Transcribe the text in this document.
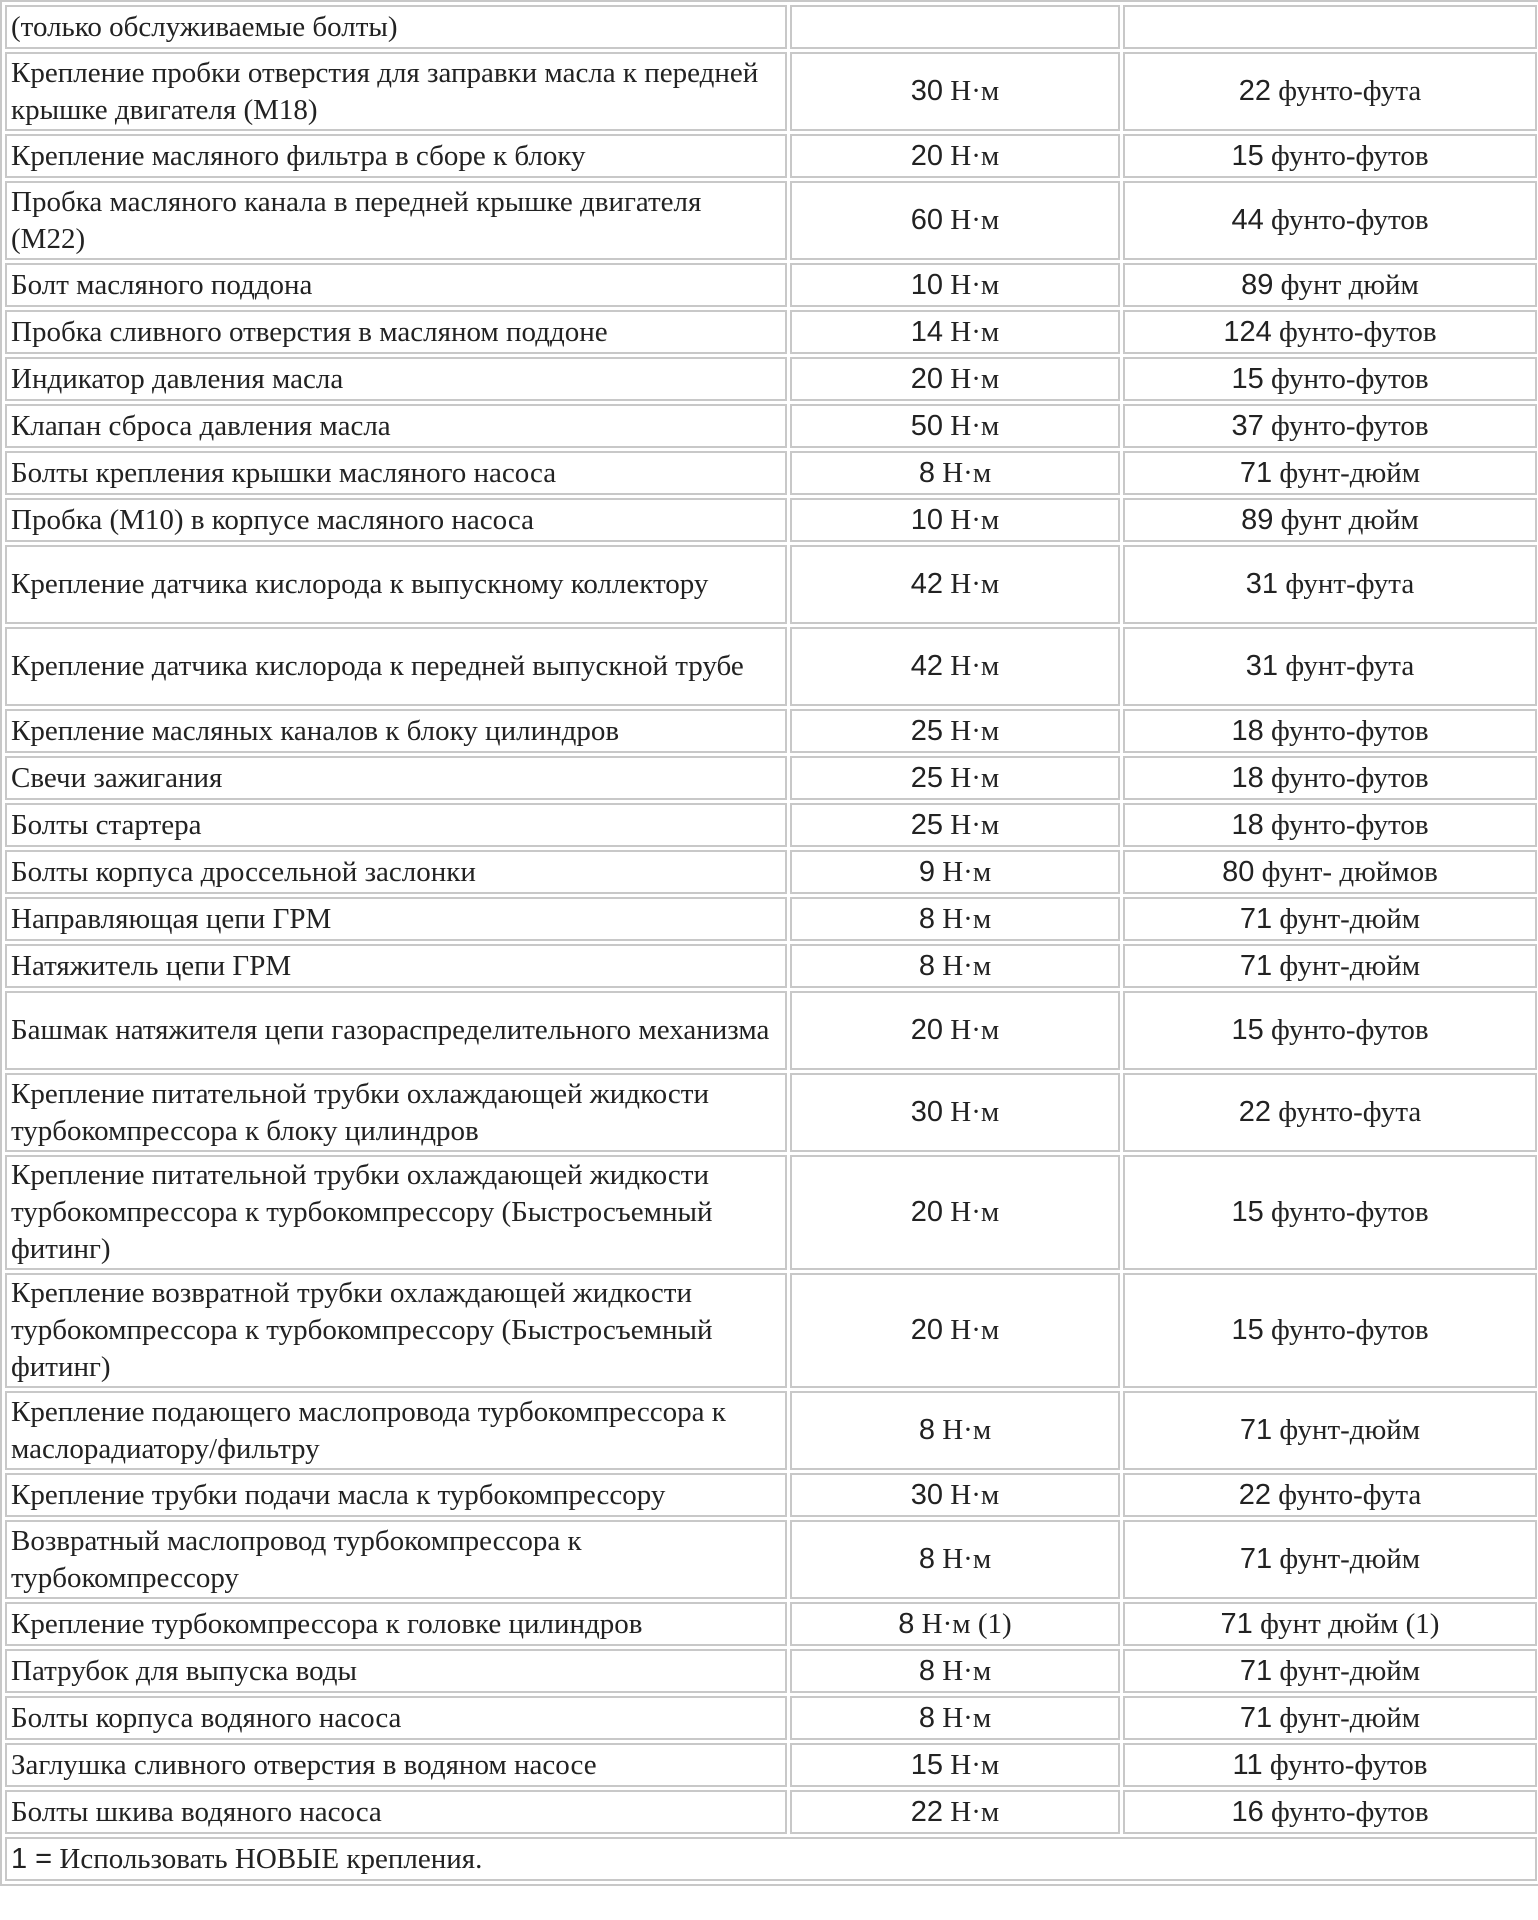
(только обслуживаемые болты)		
Крепление пробки отверстия для заправки масла к передней крышке двигателя (M18)	30 Н·м	22 фунто-фута
Крепление масляного фильтра в сборе к блоку	20 Н·м	15 фунто-футов
Пробка масляного канала в передней крышке двигателя (M22)	60 Н·м	44 фунто-футов
Болт масляного поддона	10 Н·м	89 фунт дюйм
Пробка сливного отверстия в масляном поддоне	14 Н·м	124 фунто-футов
Индикатор давления масла	20 Н·м	15 фунто-футов
Клапан сброса давления масла	50 Н·м	37 фунто-футов
Болты крепления крышки масляного насоса	8 Н·м	71 фунт-дюйм
Пробка (М10) в корпусе масляного насоса	10 Н·м	89 фунт дюйм
Крепление датчика кислорода к выпускному коллектору	42 Н·м	31 фунт-фута
Крепление датчика кислорода к передней выпускной трубе	42 Н·м	31 фунт-фута
Крепление масляных каналов к блоку цилиндров	25 Н·м	18 фунто-футов
Свечи зажигания	25 Н·м	18 фунто-футов
Болты стартера	25 Н·м	18 фунто-футов
Болты корпуса дроссельной заслонки	9 Н·м	80 фунт- дюймов
Направляющая цепи ГРМ	8 Н·м	71 фунт-дюйм
Натяжитель цепи ГРМ	8 Н·м	71 фунт-дюйм
Башмак натяжителя цепи газораспределительного механизма	20 Н·м	15 фунто-футов
Крепление питательной трубки охлаждающей жидкости турбокомпрессора к блоку цилиндров	30 Н·м	22 фунто-фута
Крепление питательной трубки охлаждающей жидкости турбокомпрессора к турбокомпрессору (Быстросъемный фитинг)	20 Н·м	15 фунто-футов
Крепление возвратной трубки охлаждающей жидкости турбокомпрессора к турбокомпрессору (Быстросъемный фитинг)	20 Н·м	15 фунто-футов
Крепление подающего маслопровода турбокомпрессора к маслорадиатору/фильтру	8 Н·м	71 фунт-дюйм
Крепление трубки подачи масла к турбокомпрессору	30 Н·м	22 фунто-фута
Возвратный маслопровод турбокомпрессора к турбокомпрессору	8 Н·м	71 фунт-дюйм
Крепление турбокомпрессора к головке цилиндров	8 Н·м (1)	71 фунт дюйм (1)
Патрубок для выпуска воды	8 Н·м	71 фунт-дюйм
Болты корпуса водяного насоса	8 Н·м	71 фунт-дюйм
Заглушка сливного отверстия в водяном насосе	15 Н·м	11 фунто-футов
Болты шкива водяного насоса	22 Н·м	16 фунто-футов
1 = Использовать НОВЫЕ крепления.		
